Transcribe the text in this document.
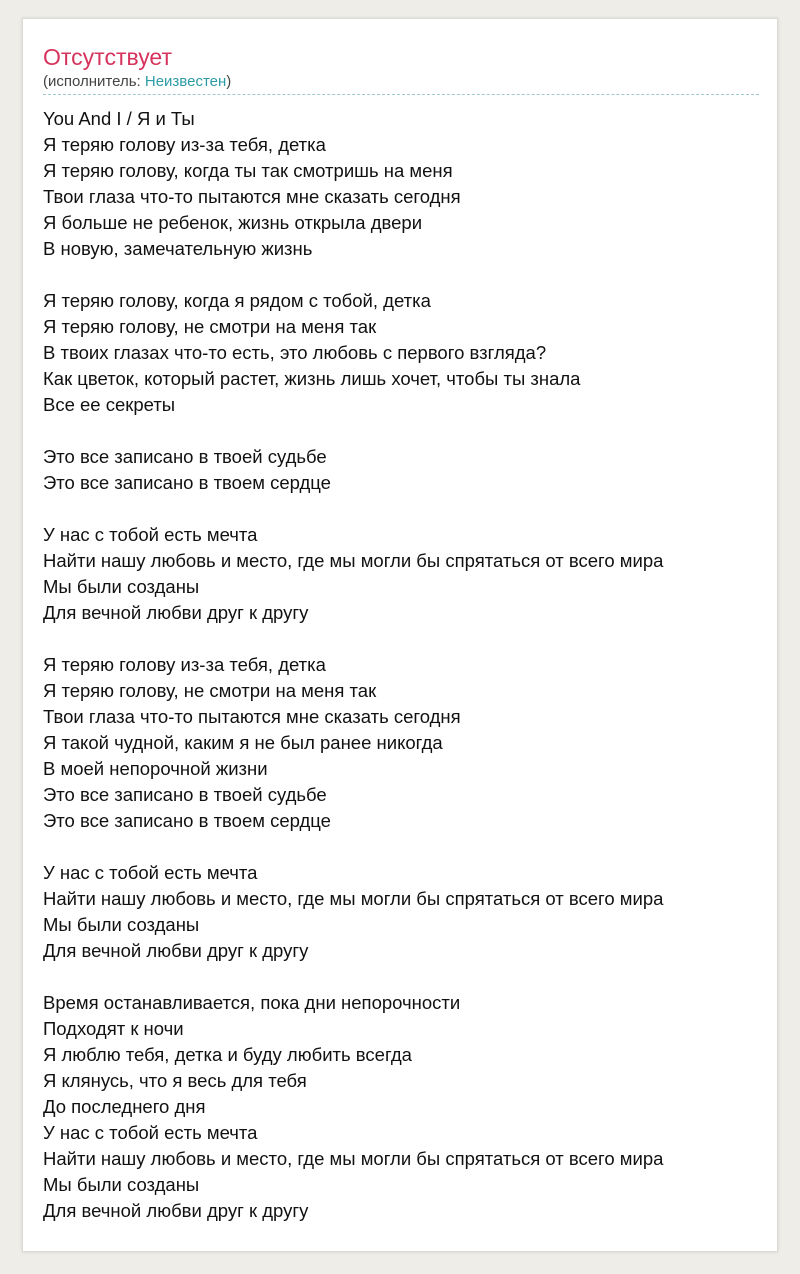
Отсутствует
(исполнитель: Неизвестен)
You And I / Я и Ты
Я теряю голову из-за тебя, детка
Я теряю голову, когда ты так смотришь на меня
Твои глаза что-то пытаются мне сказать сегодня
Я больше не ребенок, жизнь открыла двери
В новую, замечательную жизнь
Я теряю голову, когда я рядом с тобой, детка
Я теряю голову, не смотри на меня так
В твоих глазах что-то есть, это любовь с первого взгляда?
Как цветок, который растет, жизнь лишь хочет, чтобы ты знала
Все ее секреты
Это все записано в твоей судьбе
Это все записано в твоем сердце
У нас с тобой есть мечта
Найти нашу любовь и место, где мы могли бы спрятаться от всего мира
Мы были созданы
Для вечной любви друг к другу
Я теряю голову из-за тебя, детка
Я теряю голову, не смотри на меня так
Твои глаза что-то пытаются мне сказать сегодня
Я такой чудной, каким я не был ранее никогда
В моей непорочной жизни
Это все записано в твоей судьбе
Это все записано в твоем сердце
У нас с тобой есть мечта
Найти нашу любовь и место, где мы могли бы спрятаться от всего мира
Мы были созданы
Для вечной любви друг к другу
Время останавливается, пока дни непорочности
Подходят к ночи
Я люблю тебя, детка и буду любить всегда
Я клянусь, что я весь для тебя
До последнего дня
У нас с тобой есть мечта
Найти нашу любовь и место, где мы могли бы спрятаться от всего мира
Мы были созданы
Для вечной любви друг к другу
